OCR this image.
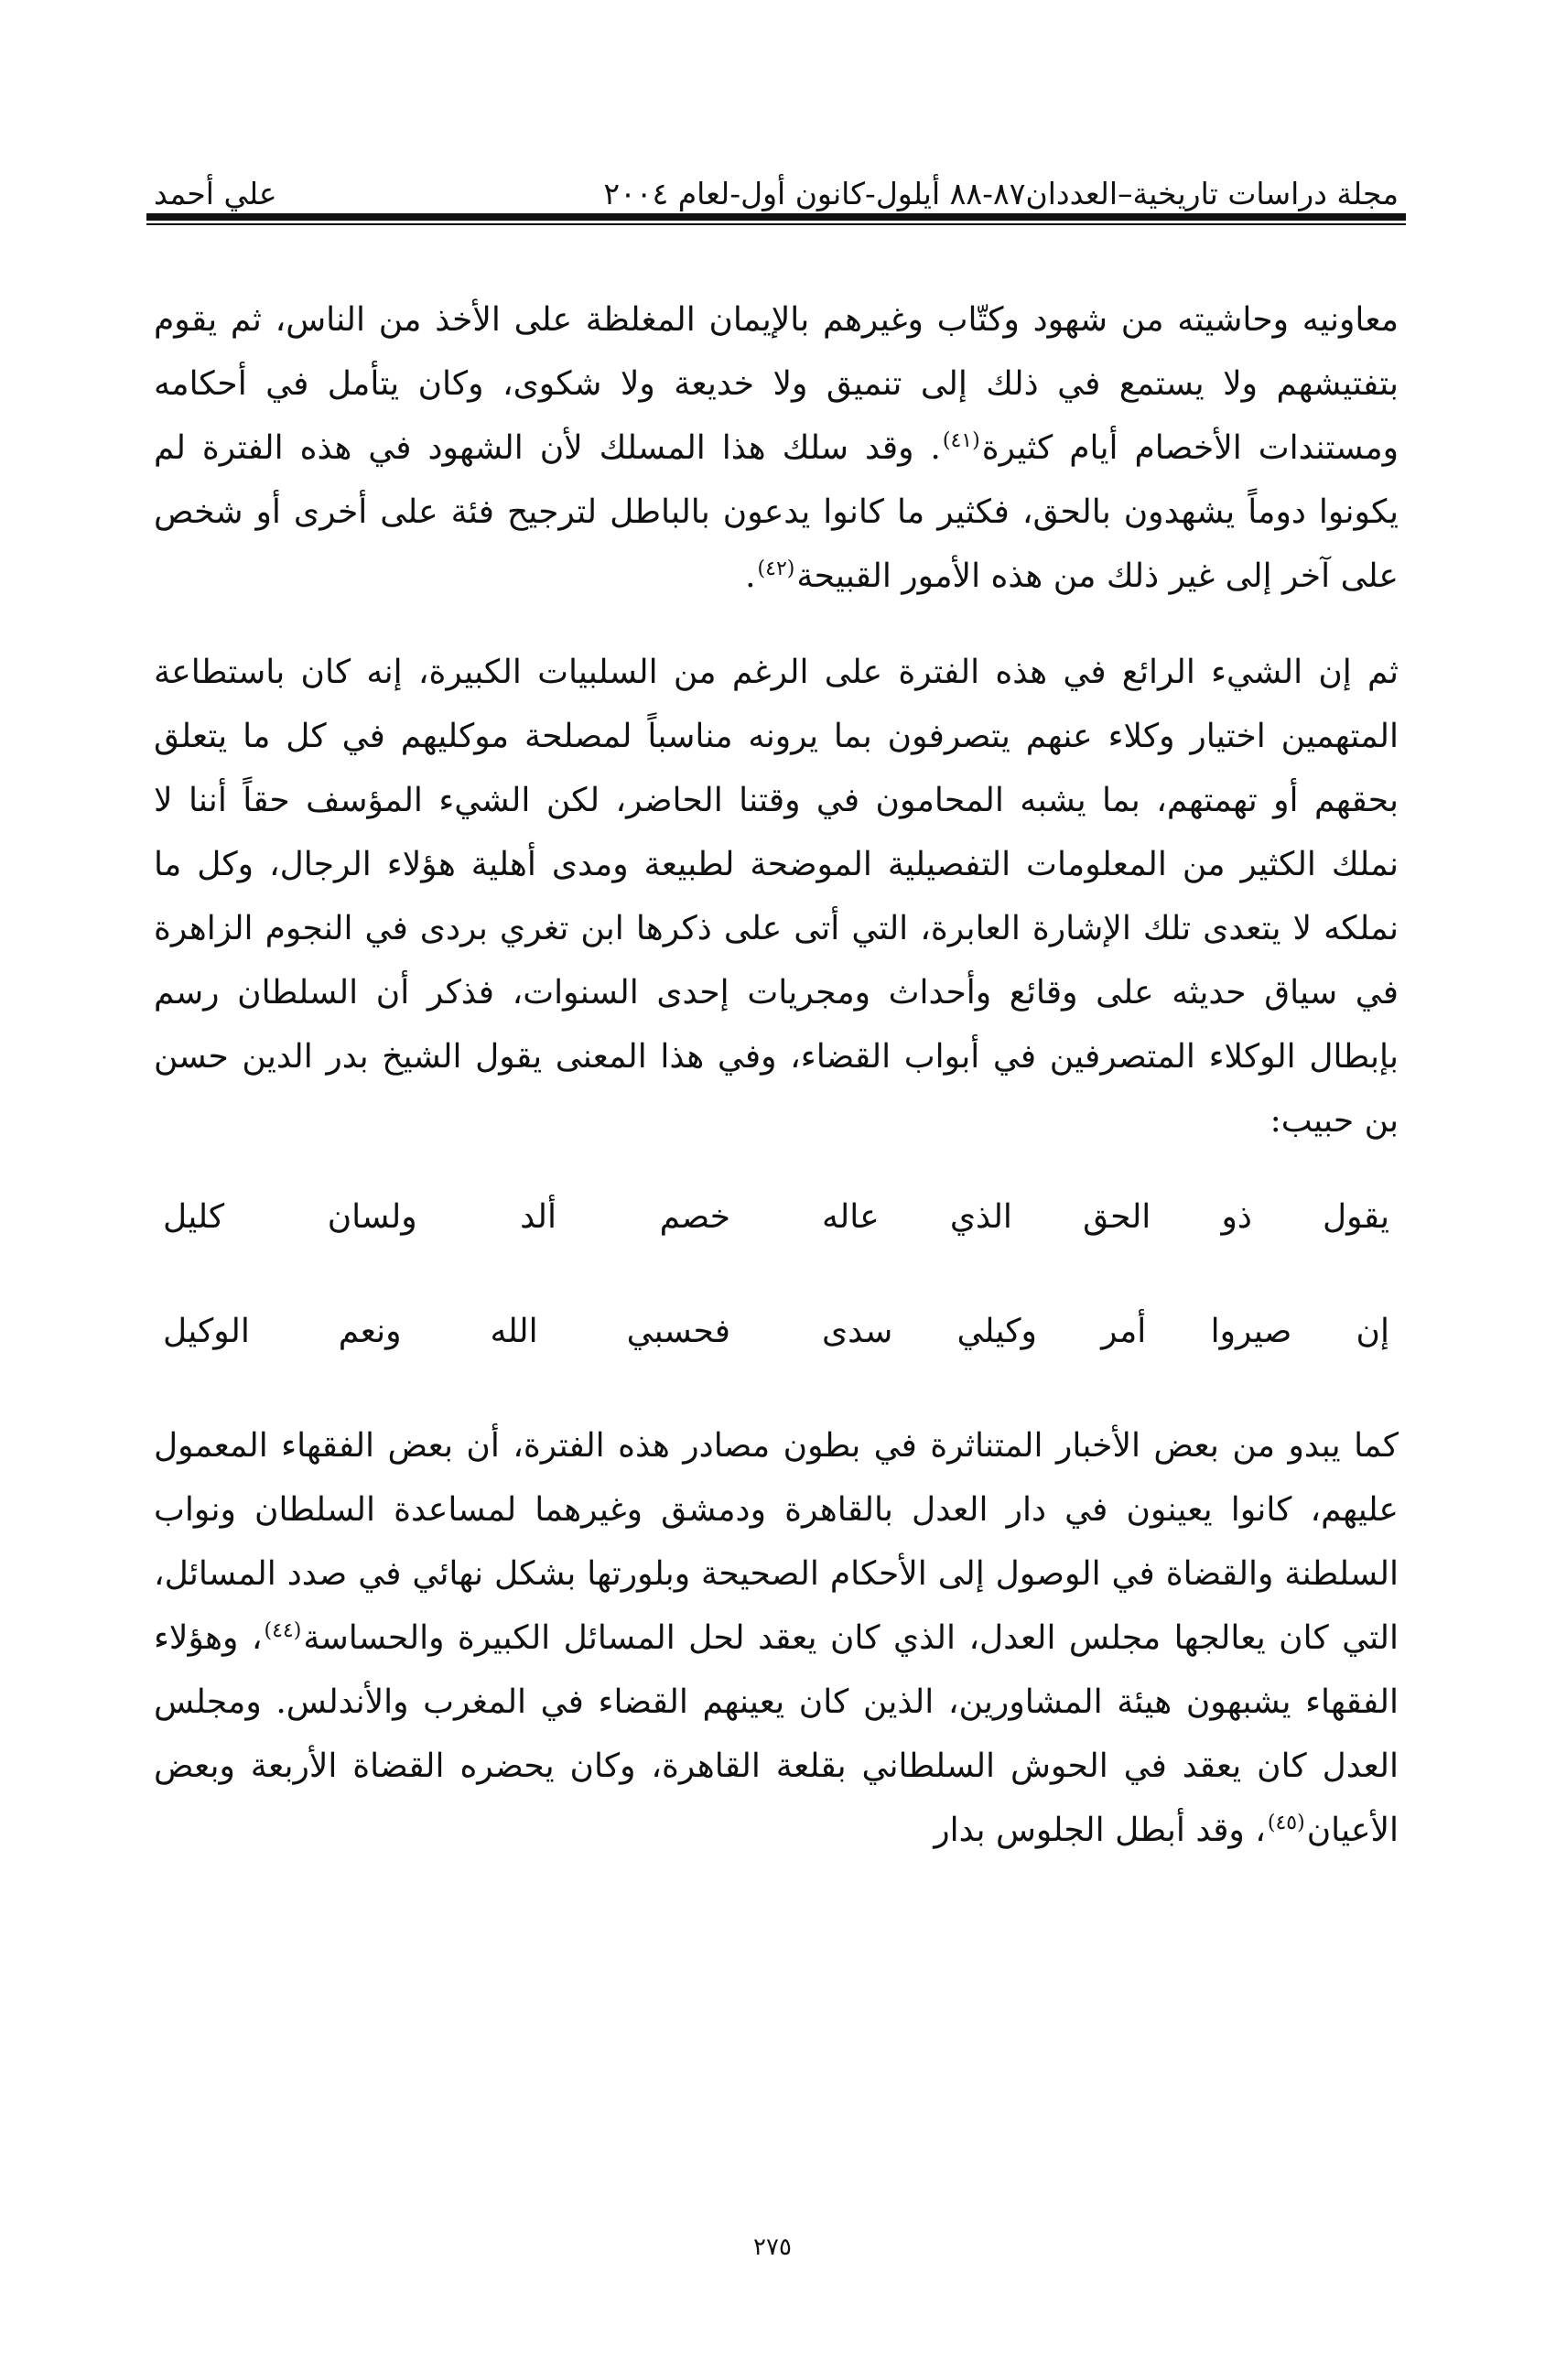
مجلة دراسات تاريخية–العددان٨٧-٨٨ أيلول-كانون أول-لعام ٢٠٠٤
علي أحمد

معاونيه وحاشيته من شهود وكتّاب وغيرهم بالإيمان المغلظة على الأخذ من الناس، ثم يقوم بتفتيشهم ولا يستمع في ذلك إلى تنميق ولا خديعة ولا شكوى، وكان يتأمل في أحكامه ومستندات الأخصام أيام كثيرة$^{(٤١)}$. وقد سلك هذا المسلك لأن الشهود في هذه الفترة لم يكونوا دوماً يشهدون بالحق، فكثير ما كانوا يدعون بالباطل لترجيح فئة على أخرى أو شخص على آخر إلى غير ذلك من هذه الأمور القبيحة$^{(٤٢)}$.

ثم إن الشيء الرائع في هذه الفترة على الرغم من السلبيات الكبيرة، إنه كان باستطاعة المتهمين اختيار وكلاء عنهم يتصرفون بما يرونه مناسباً لمصلحة موكليهم في كل ما يتعلق بحقهم أو تهمتهم، بما يشبه المحامون في وقتنا الحاضر، لكن الشيء المؤسف حقاً أننا لا نملك الكثير من المعلومات التفصيلية الموضحة لطبيعة ومدى أهلية هؤلاء الرجال، وكل ما نملكه لا يتعدى تلك الإشارة العابرة، التي أتى على ذكرها ابن تغري بردى في النجوم الزاهرة في سياق حديثه على وقائع وأحداث ومجريات إحدى السنوات، فذكر أن السلطان رسم بإبطال الوكلاء المتصرفين في أبواب القضاء، وفي هذا المعنى يقول الشيخ بدر الدين حسن بن حبيب:

يقول ذو الحق الذي عاله
خصم ألد ولسان كليل
إن صيروا أمر وكيلي سدى
فحسبي الله ونعم الوكيل

كما يبدو من بعض الأخبار المتناثرة في بطون مصادر هذه الفترة، أن بعض الفقهاء المعمول عليهم، كانوا يعينون في دار العدل بالقاهرة ودمشق وغيرهما لمساعدة السلطان ونواب السلطنة والقضاة في الوصول إلى الأحكام الصحيحة وبلورتها بشكل نهائي في صدد المسائل، التي كان يعالجها مجلس العدل، الذي كان يعقد لحل المسائل الكبيرة والحساسة$^{(٤٤)}$، وهؤلاء الفقهاء يشبهون هيئة المشاورين، الذين كان يعينهم القضاء في المغرب والأندلس. ومجلس العدل كان يعقد في الحوش السلطاني بقلعة القاهرة، وكان يحضره القضاة الأربعة وبعض الأعيان$^{(٤٥)}$، وقد أبطل الجلوس بدار

٢٧٥
